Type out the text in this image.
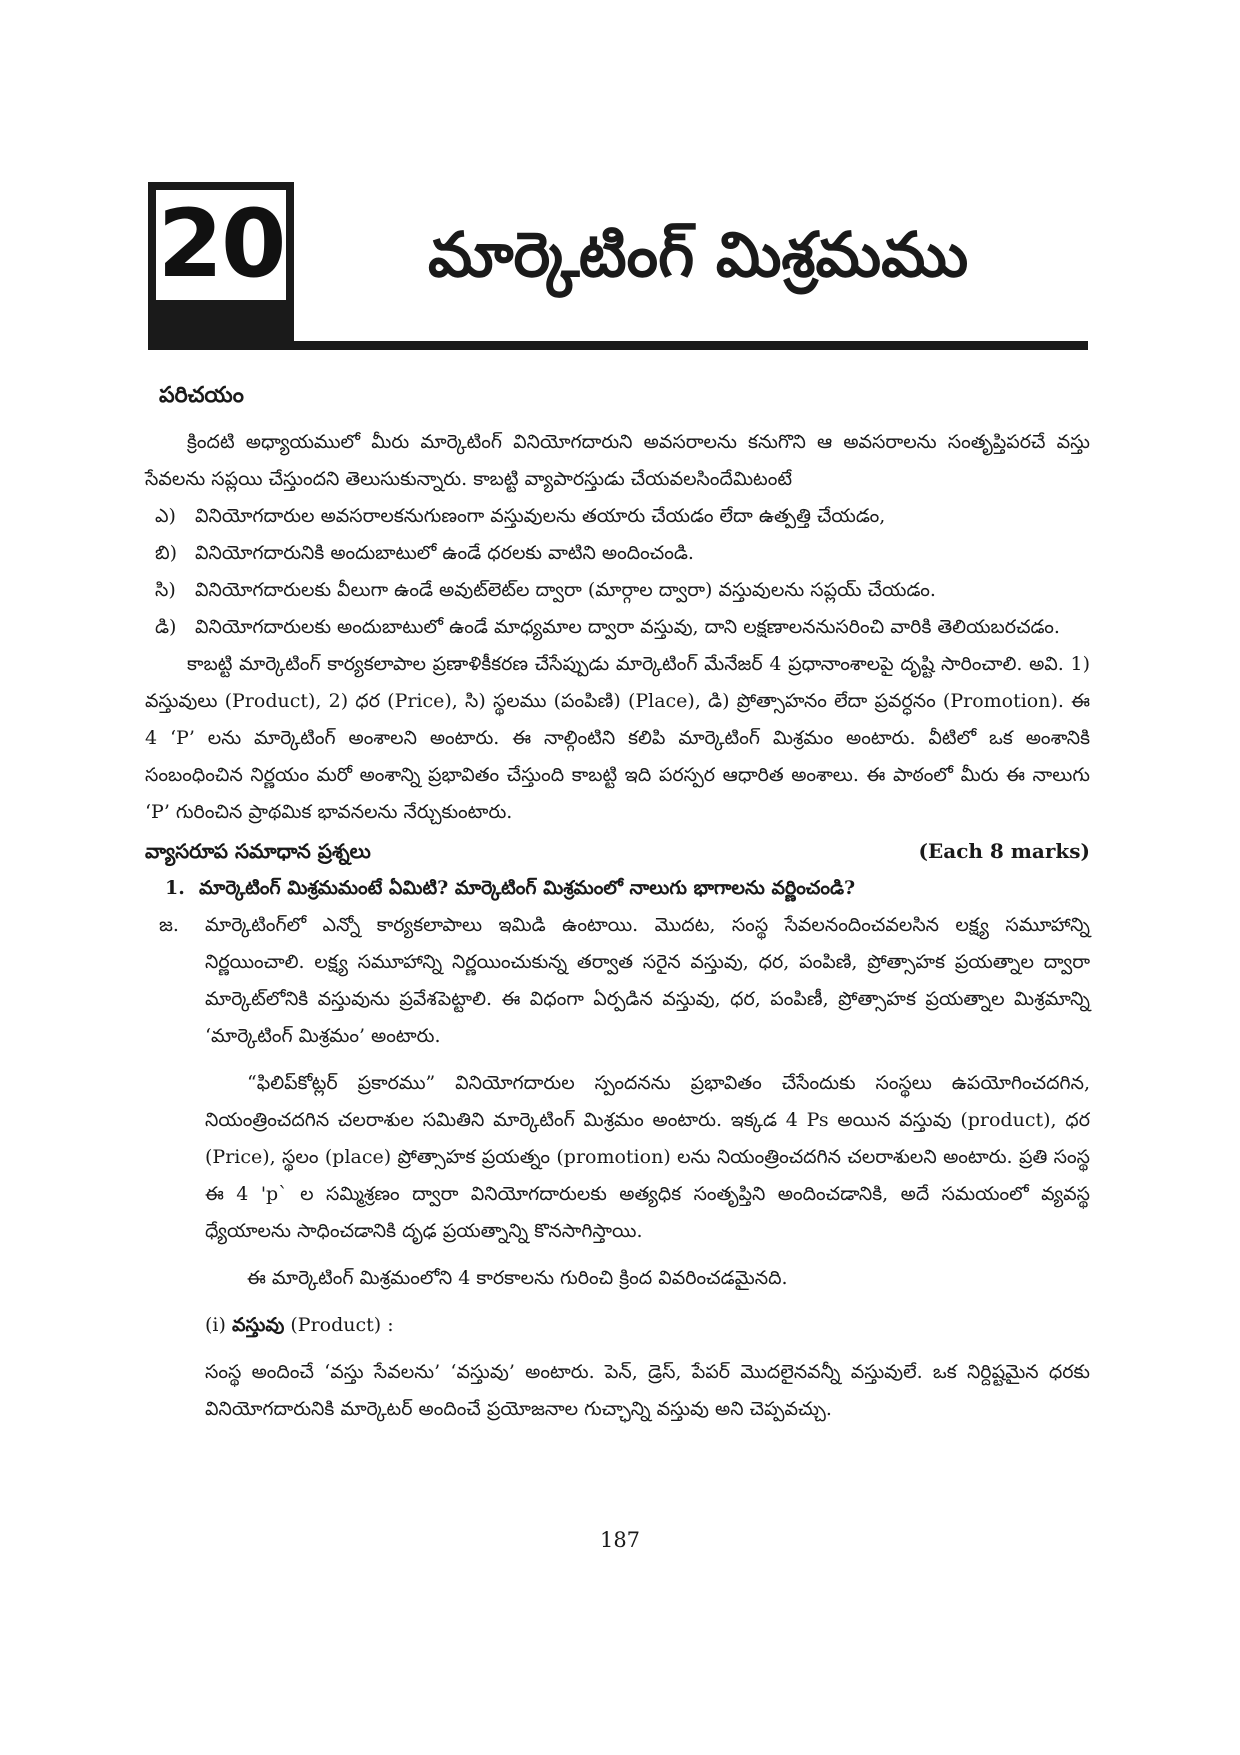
20 మార్కెటింగ్ మిశ్రమము
పరిచయం

క్రిందటి అధ్యాయములో మీరు మార్కెటింగ్ వినియోగదారుని అవసరాలను కనుగొని ఆ అవసరాలను సంతృప్తిపరచే వస్తు సేవలను సప్లయి చేస్తుందని తెలుసుకున్నారు. కాబట్టి వ్యాపారస్తుడు చేయవలసిందేమిటంటే

ఎ)	వినియోగదారుల అవసరాలకనుగుణంగా వస్తువులను తయారు చేయడం లేదా ఉత్పత్తి చేయడం,
బి) వినియోగదారునికి అందుబాటులో ఉండే ధరలకు వాటిని అందించండి.
సి)	వినియోగదారులకు వీలుగా ఉండే అవుట్‌లెట్‌ల ద్వారా (మార్గాల ద్వారా) వస్తువులను సప్లయ్ చేయడం.
డి) వినియోగదారులకు అందుబాటులో ఉండే మాధ్యమాల ద్వారా వస్తువు, దాని లక్షణాలననుసరించి వారికి తెలియబరచడం.

కాబట్టి మార్కెటింగ్ కార్యకలాపాల ప్రణాళికీకరణ చేసేప్పుడు మార్కెటింగ్ మేనేజర్ 4 ప్రధానాంశాలపై దృష్టి సారించాలి. అవి. 1) వస్తువులు (Product), 2) ధర (Price), సి) స్థలము (పంపిణి) (Place), డి) ప్రోత్సాహనం లేదా ప్రవర్ధనం (Promotion). ఈ 4 ‘P’ లను మార్కెటింగ్ అంశాలని అంటారు. ఈ నాల్గింటిని కలిపి మార్కెటింగ్ మిశ్రమం అంటారు. వీటిలో ఒక అంశానికి సంబంధించిన నిర్ణయం మరో అంశాన్ని ప్రభావితం చేస్తుంది కాబట్టి ఇది పరస్పర ఆధారిత అంశాలు. ఈ పాఠంలో మీరు ఈ నాలుగు ‘P’ గురించిన ప్రాథమిక భావనలను నేర్చుకుంటారు.

వ్యాసరూప సమాధాన ప్రశ్నలు	(Each 8 marks)
1. మార్కెటింగ్ మిశ్రమమంటే ఏమిటి? మార్కెటింగ్ మిశ్రమంలో నాలుగు భాగాలను వర్ణించండి?
జ.	మార్కెటింగ్‌లో ఎన్నో కార్యకలాపాలు ఇమిడి ఉంటాయి. మొదట, సంస్థ సేవలనందించవలసిన లక్ష్య సమూహాన్ని నిర్ణయించాలి. లక్ష్య సమూహాన్ని నిర్ణయించుకున్న తర్వాత సరైన వస్తువు, ధర, పంపిణి, ప్రోత్సాహక ప్రయత్నాల ద్వారా మార్కెట్‌లోనికి వస్తువును ప్రవేశపెట్టాలి. ఈ విధంగా ఏర్పడిన వస్తువు, ధర, పంపిణీ, ప్రోత్సాహక ప్రయత్నాల మిశ్రమాన్ని ‘మార్కెటింగ్ మిశ్రమం’ అంటారు.

“ఫిలిప్‌కోట్లర్ ప్రకారము” వినియోగదారుల స్పందనను ప్రభావితం చేసేందుకు సంస్థలు ఉపయోగించదగిన, నియంత్రించదగిన చలరాశుల సమితిని మార్కెటింగ్ మిశ్రమం అంటారు. ఇక్కడ 4 Ps అయిన వస్తువు (product), ధర (Price), స్థలం (place) ప్రోత్సాహక ప్రయత్నం (promotion) లను నియంత్రించదగిన చలరాశులని అంటారు. ప్రతి సంస్థ ఈ 4 'p` ల సమ్మిశ్రణం ద్వారా వినియోగదారులకు అత్యధిక సంతృప్తిని అందించడానికి, అదే సమయంలో వ్యవస్థ ధ్యేయాలను సాధించడానికి దృఢ ప్రయత్నాన్ని కొనసాగిస్తాయి.

ఈ మార్కెటింగ్ మిశ్రమంలోని 4 కారకాలను గురించి క్రింద వివరించడమైనది.

(i) వస్తువు (Product) :

సంస్థ అందించే ‘వస్తు సేవలను’ ‘వస్తువు’ అంటారు. పెన్, డ్రెస్, పేపర్ మొదలైనవన్నీ వస్తువులే. ఒక నిర్దిష్టమైన ధరకు వినియోగదారునికి మార్కెటర్ అందించే ప్రయోజనాల గుచ్ఛాన్ని వస్తువు అని చెప్పవచ్చు.

187
